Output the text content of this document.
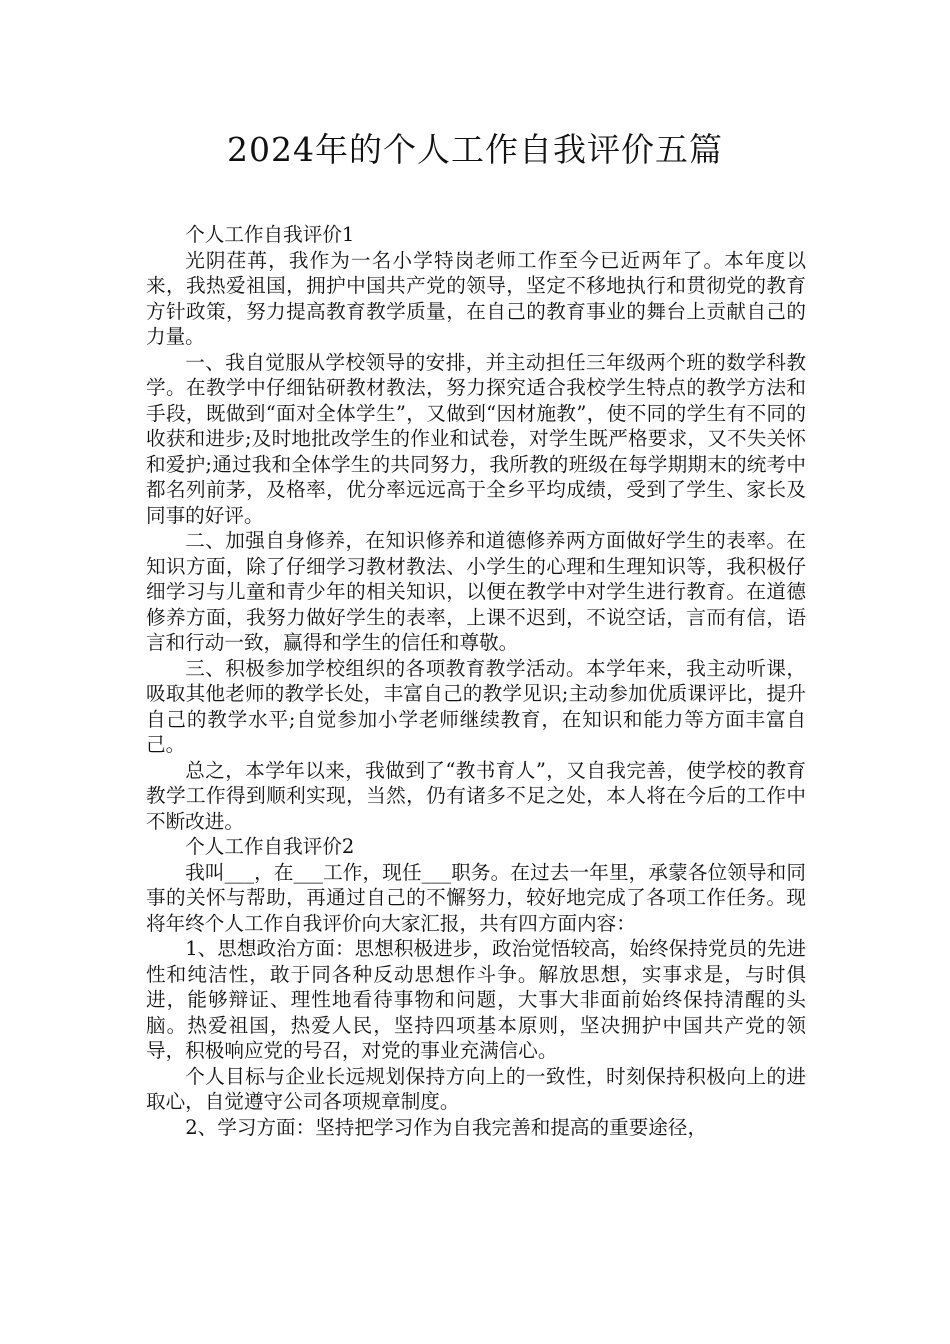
2024年的个人工作自我评价五篇

个人工作自我评价1

光阴荏苒，我作为一名小学特岗老师工作至今已近两年了。本年度以来，我热爱祖国，拥护中国共产党的领导，坚定不移地执行和贯彻党的教育方针政策，努力提高教育教学质量，在自己的教育事业的舞台上贡献自己的力量。

一、我自觉服从学校领导的安排，并主动担任三年级两个班的数学科教学。在教学中仔细钻研教材教法，努力探究适合我校学生特点的教学方法和手段，既做到“面对全体学生”，又做到“因材施教”，使不同的学生有不同的收获和进步;及时地批改学生的作业和试卷，对学生既严格要求，又不失关怀和爱护;通过我和全体学生的共同努力，我所教的班级在每学期期末的统考中都名列前茅，及格率，优分率远远高于全乡平均成绩，受到了学生、家长及同事的好评。

二、加强自身修养，在知识修养和道德修养两方面做好学生的表率。在知识方面，除了仔细学习教材教法、小学生的心理和生理知识等，我积极仔细学习与儿童和青少年的相关知识，以便在教学中对学生进行教育。在道德修养方面，我努力做好学生的表率，上课不迟到，不说空话，言而有信，语言和行动一致，赢得和学生的信任和尊敬。

三、积极参加学校组织的各项教育教学活动。本学年来，我主动听课，吸取其他老师的教学长处，丰富自己的教学见识;主动参加优质课评比，提升自己的教学水平;自觉参加小学老师继续教育，在知识和能力等方面丰富自己。

总之，本学年以来，我做到了“教书育人”，又自我完善，使学校的教育教学工作得到顺利实现，当然，仍有诸多不足之处，本人将在今后的工作中不断改进。

个人工作自我评价2

我叫___，在___工作，现任___职务。在过去一年里，承蒙各位领导和同事的关怀与帮助，再通过自己的不懈努力，较好地完成了各项工作任务。现将年终个人工作自我评价向大家汇报，共有四方面内容：

1、思想政治方面：思想积极进步，政治觉悟较高，始终保持党员的先进性和纯洁性，敢于同各种反动思想作斗争。解放思想，实事求是，与时俱进，能够辩证、理性地看待事物和问题，大事大非面前始终保持清醒的头脑。热爱祖国，热爱人民，坚持四项基本原则，坚决拥护中国共产党的领导，积极响应党的号召，对党的事业充满信心。

个人目标与企业长远规划保持方向上的一致性，时刻保持积极向上的进取心，自觉遵守公司各项规章制度。

2、学习方面：坚持把学习作为自我完善和提高的重要途径，
